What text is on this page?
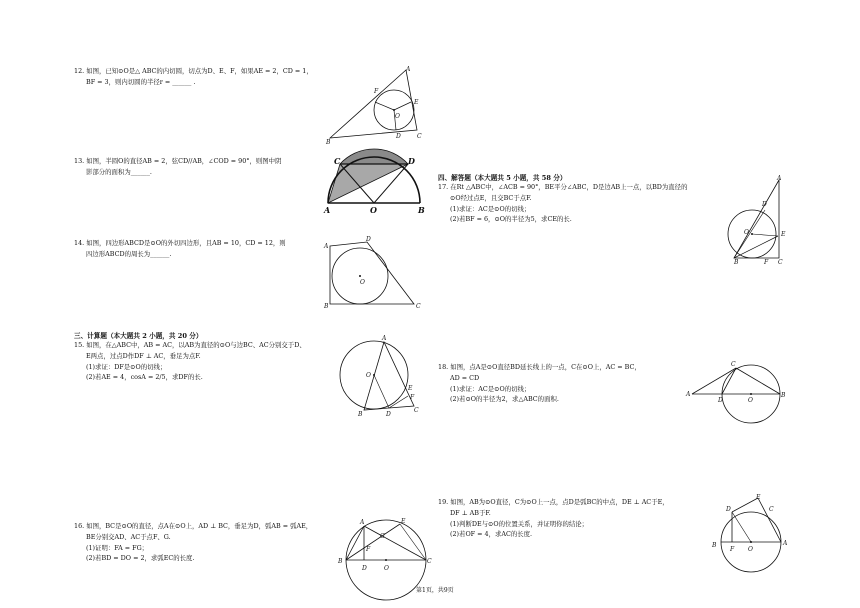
12. 如图，已知⊙O是△ ABC的内切圆，切点为D、E、F，如果AE = 2，CD = 1，
BF = 3，则内切圆的半径r = ______ .
A
F
E
O
B
D	C
13. 如图，半圆O的直径AB = 2，弦CD//AB，∠COD = 90°，则图中阴
影部分的面积为______.
C	D
A	O	B
14. 如图，四边形ABCD是⊙O的外切四边形，且AB = 10，CD = 12，则
四边形ABCD的周长为______.
D
A
O
B	C
三、计算题（本大题共 2 小题，共 20 分）
15. 如图，在△ABC中，AB = AC，以AB为直径的⊙O与边BC、AC分别交于D、
E两点，过点D作DF ⊥ AC，垂足为点F.
(1)求证：DF是⊙O的切线；
(2)若AE = 4，cosA = 2/5，求DF的长.
A
O
E
F
B	D
C
16. 如图，BC是⊙O的直径，点A在⊙O上，AD ⊥ BC，垂足为D，弧AB = 弧AE，
BE分别交AD、AC于点F、G.
(1)证明：FA = FG；
(2)若BD = DO = 2，求弧EC的长度.
A	E
G
F
B
D	O
C
四、解答题（本大题共 5 小题，共 58 分）
17. 在Rt △ABC中，∠ACB = 90°，BE平分∠ABC，D是边AB上一点，以BD为直径的
⊙O经过点E，且交BC于点F.
(1)求证：AC是⊙O的切线；
(2)若BF = 6，⊙O的半径为5，求CE的长.
A
D
O	E
B	F C
18. 如图，点A是⊙O直径BD延长线上的一点，C在⊙O上，AC = BC，
AD = CD
(1)求证：AC是⊙O的切线；
(2)若⊙O的半径为2，求△ABC的面积.
C
A
D	O
B
19. 如图，AB为⊙O直径，C为⊙O上一点，点D是弧BC的中点，DE ⊥ AC于E，
DF ⊥ AB于F.
(1)判断DE与⊙O的位置关系，并证明你的结论；
(2)若OF = 4，求AC的长度.
E
C
D
B
F O
A
第1页，共9页
